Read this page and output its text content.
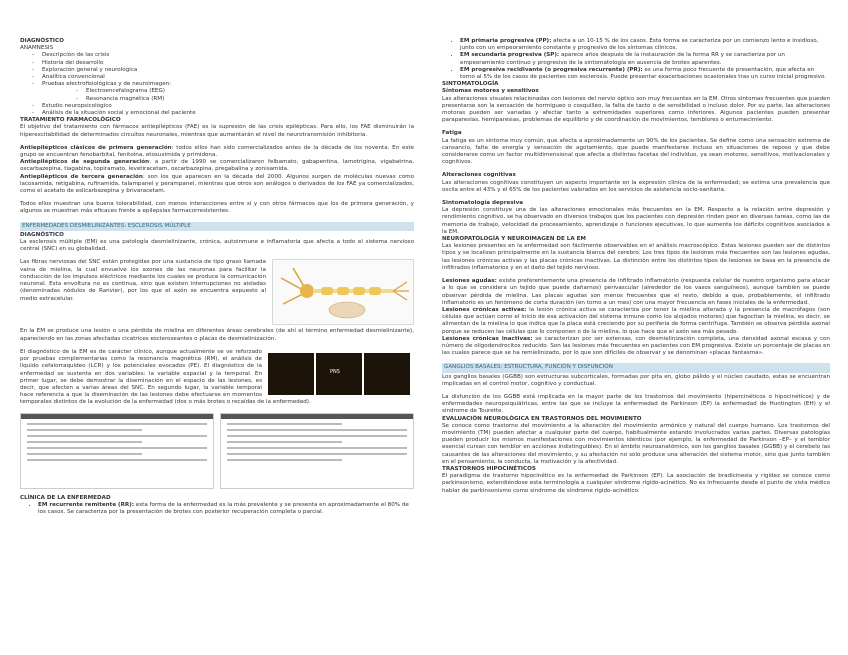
DIAGNÓSTICO
ANAMNESIS
- Descripción de las crisis
- Historia del desarrollo
- Exploración general y neurológica
- Analítica convencional
- Pruebas electrofisiológicas y de neuroimagen:
- Electroencefalograma (EEG)
- Resonancia magnética (RM)
- Estudio neuropsicológico
- Análisis de la situación social y emocional del paciente
TRATAMIENTO FARMACOLÓGICO

El objetivo del tratamiento con fármacos antiepilépticos (FAE) es la supresión de las crisis epilépticas. Para ello, los FAE disminuirán la hiperexcitabilidad de determinados circuitos neuronales, mientras que aumentarán el nivel de neurotransmisión inhibitoria.

Antiepilépticos clásicos de primera generación: todos ellos han sido comercializados antes de la década de los noventa. En este grupo se encuentran fenobarbital, fenitoína, etosuximida y primidona.
Antiepilépticos de segunda generación: a partir de 1990 se comercializaron felbamato, gabapentina, lamotrigina, vigabatrina, oxcarbazepina, tiagabina, topiramato, levetiracetam, oxcarbazepina, pregabalina y zonisamida.
Antiepilépticos de tercera generación: son los que aparecen en la década del 2000. Algunos surgen de moléculas nuevas como lacosamida, retigabina, rufinamida, talampanel y perampanel, mientras que otros son análogos o derivados de los FAE ya comercializados, como el acetato de eslicarbazepina y brivaracetam.

Todos ellos muestran una buena tolerabilidad, con menos interacciones entre sí y con otros fármacos que los de primera generación, y algunos se muestran más eficaces frente a epilepsias farmacorresistentes.

ENFERMEDADES DESMIELINIZANTES: ESCLEROSIS MÚLTIPLE
DIAGNÓSTICO

La esclerosis múltiple (EM) es una patología desmielinizante, crónica, autoinmune e inflamatoria que afecta a todo el sistema nervioso central (SNC) en su globalidad.

Las fibras nerviosas del SNC están protegidas por una sustancia de tipo graso llamada vaina de mielina, la cual envuelve los axones de las neuronas para facilitar la conducción de los impulsos eléctricos mediante los cuales se produce la comunicación neuronal. Esta envoltura no es continua, sino que existen interrupciones no aisladas (denominadas nódulos de Ranvier), por los que el axón se encuentra expuesto al medio extracelular.

En la EM se produce una lesión o una pérdida de mielina en diferentes áreas cerebrales (de ahí el término enfermedad desmielinizante), apareciendo en las zonas afectadas cicatrices escleroseantes o placas de desmielinización.

PNS

El diagnóstico de la EM es de carácter clínico, aunque actualmente se ve reforzado por pruebas complementarias como la resonancia magnética (RM), el análisis de líquido cefalorraquídeo (LCR) y los potenciales evocados (PE). El diagnóstico de la enfermedad se sustenta en dos variables: la variable espacial y la temporal. En primer lugar, se debe demostrar la diseminación en el espacio de las lesiones, es decir, que afecten a varias áreas del SNC. En segundo lugar, la variable temporal hace referencia a que la diseminación de las lesiones debe efectuarse en momentos temporales distintos de la evolución de la enfermedad (dos o más brotes o recaídas de la enfermedad).

CLÍNICA DE LA ENFERMEDAD
• EM recurrente remitente (RR): esta forma de la enfermedad es la más prevalente y se presenta en aproximadamente el 80% de los casos. Se caracteriza por la presentación de brotes con posterior recuperación completa o parcial.
• EM primaria progresiva (PP): afecta a un 10-15 % de los casos. Esta forma se caracteriza por un comienzo lento e insidioso, junto con un empeoramiento constante y progresivo de los síntomas clínicos.
• EM secundaria progresiva (SP): aparece años después de la instauración de la forma RR y se caracteriza por un empeoramiento continuo y progresivo de la sintomatología en ausencia de brotes aparentes.
• EM progresiva recidivante (o progresiva recurrente) (PR): es una forma poco frecuente de presentación, que afecta en torno al 5% de los casos de pacientes con esclerosis. Puede presentar exacerbaciones ocasionales tras un curso inicial progresivo.
SINTOMATOLOGÍA
Síntomas motores y sensitivos

Las alteraciones visuales relacionadas con lesiones del nervio óptico son muy frecuentes en la EM. Otros síntomas frecuentes que pueden presentarse son la sensación de hormigueo o cosquilleo, la falta de tacto o de sensibilidad o incluso dolor. Por su parte, las alteraciones motoras pueden ser variadas y afectar tanto a extremidades superiores como inferiores. Algunos pacientes pueden presentar paraparesias, hemiparesias, problemas de equilibrio y de coordinación de movimientos, temblores o entumecimiento.

Fatiga

La fatiga es un síntoma muy común, que afecta a aproximadamente un 90% de los pacientes. Se define como una sensación extrema de cansancio, falta de energía y sensación de agotamiento, que puede manifestarse incluso en situaciones de reposo y que debe considerarse como un factor multidimensional que afecta a distintas facetas del individuo, ya sean motores, sensitivos, motivacionales y cognitivos.

Alteraciones cognitivas

Las alteraciones cognitivas constituyen un aspecto importante en la expresión clínica de la enfermedad; se estima una prevalencia que oscila entre el 43% y el 65% de los pacientes valorados en los servicios de asistencia socio-sanitaria.

Sintomatología depresiva
La depresión constituye una de las alteraciones emocionales más frecuentes en la EM. Respecto a la relación entre depresión y rendimiento cognitivo, se ha observado en diversos trabajos que los pacientes con depresión rinden peor en diversas tareas, como las de memoria de trabajo, velocidad de procesamiento, aprendizaje o funciones ejecutivas, lo que aumenta los déficits cognitivos asociados a la EM.
NEUROPATOLOGÍA Y NEUROIMAGEN DE LA EM

Las lesiones presentes en la enfermedad son fácilmente observables en el análisis macroscópico. Estas lesiones pueden ser de distintos tipos y se localizan principalmente en la sustancia blanca del cerebro. Los tres tipos de lesiones más frecuentes son las lesiones agudas, las lesiones crónicas activas y las placas crónicas inactivas. La distinción entre los distintos tipos de lesiones se basa en la presencia de infiltrados inflamatorios y en el daño del tejido nervioso.

Lesiones agudas: existe preferentemente una presencia de infiltrado inflamatorio (respuesta celular de nuestro organismo para atacar a lo que se considera un tejido que puede dañarnos) perivascular (alrededor de los vasos sanguíneos), aunque también se puede observar pérdida de mielina. Las placas agudas son menos frecuentes que el resto, debido a que, probablemente, el infiltrado inflamatorio es un fenómeno de corta duración (en torno a un mes) con una mayor frecuencia en fases iniciales de la enfermedad.
Lesiones crónicas activas: la lesión crónica activa se caracteriza por tener la mielina alterada y la presencia de macrófagos (son células que actúan como el inicio de esa activación del sistema inmune como los alojados motores) que fagocitan la mielina, es decir, se alimentan de la mielina lo que indica que la placa está creciendo por su periferia de forma centrífuga. También se observa pérdida axonal porque se reducen las células que lo componen o de la mielina, lo que hace que el axón sea más pesado.
Lesiones crónicas inactivas: se caracterizan por ser extensas, con desmielinización completa, una densidad axonal escasa y con número de oligodendrocitos reducido. Son las lesiones más frecuentes en pacientes con EM progresiva. Existe un porcentaje de placas en las cuales parece que se ha remielinizado, por lo que son difíciles de observar y se denominan «placas fantasma».

GANGLIOS BASALES: ESTRUCTURA, FUNCIÓN Y DISFUNCIÓN

Los ganglios basales (GGBB) son estructuras subcorticales, formadas por pita en, globo pálido y el núcleo caudado, estas se encuentran implicadas en el control motor, cognitivo y conductual.

La disfunción de los GGBB está implicada en la mayor parte de los trastornos del movimiento (hipercinéticos o hipocinéticos) y de enfermedades neuropsiquiátricas, entre las que se incluye la enfermedad de Parkinson (EP) la enfermedad de Huntington (EH) y el síndrome de Tourette.
EVALUACIÓN NEUROLÓGICA EN TRASTORNOS DEL MOVIMIENTO
Se conoce como trastorno del movimiento a la alteración del movimiento armónico y natural del cuerpo humano. Los trastornos del movimiento (TM) pueden afectar a cualquier parte del cuerpo, habitualmente estando involucrados varias partes. Diversas patologías pueden producir los mismos manifestaciones con movimientos idénticos (por ejemplo, la enfermedad de Parkinson –EP– y el temblor esencial cursan con temblor en acciones indistinguibles). En el ámbito neuroanatómico, son los ganglios basales (GGBB) y el cerebelo las causantes de las alteraciones del movimiento, y su afectación no solo produce una alteración del sistema motor, sino que junto también en el pensamiento, la conducta, la motivación y la afectividad.
TRASTORNOS HIPOCINÉTICOS
El paradigma de trastorno hipocinético es la enfermedad de Parkinson (EP). La asociación de bradicinesia y rigidez se conoce como parkinsonismo, extendiéndose esta terminología a cualquier síndrome rígido-acinético. No es infrecuente desde el punto de vista médico hablar de parkinsonismo como síndrome de síndrome rígido-acinético.
